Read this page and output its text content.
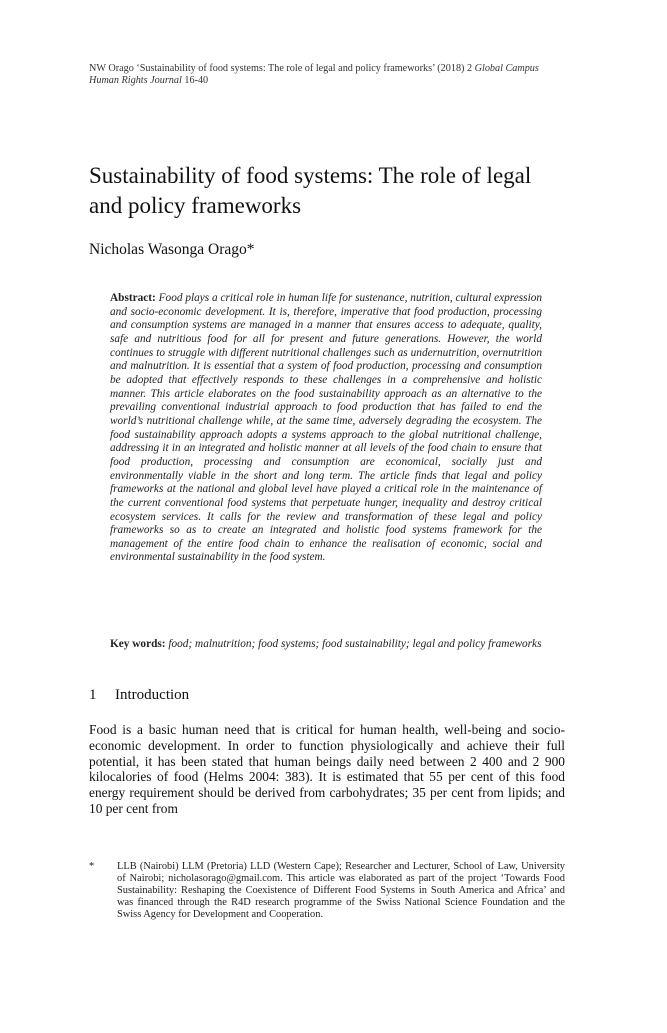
NW Orago ‘Sustainability of food systems: The role of legal and policy frameworks’ (2018) 2 Global Campus Human Rights Journal 16-40
Sustainability of food systems: The role of legal and policy frameworks

Nicholas Wasonga Orago*

Abstract: Food plays a critical role in human life for sustenance, nutrition, cultural expression and socio-economic development. It is, therefore, imperative that food production, processing and consumption systems are managed in a manner that ensures access to adequate, quality, safe and nutritious food for all for present and future generations. However, the world continues to struggle with different nutritional challenges such as undernutrition, overnutrition and malnutrition. It is essential that a system of food production, processing and consumption be adopted that effectively responds to these challenges in a comprehensive and holistic manner. This article elaborates on the food sustainability approach as an alternative to the prevailing conventional industrial approach to food production that has failed to end the world’s nutritional challenge while, at the same time, adversely degrading the ecosystem. The food sustainability approach adopts a systems approach to the global nutritional challenge, addressing it in an integrated and holistic manner at all levels of the food chain to ensure that food production, processing and consumption are economical, socially just and environmentally viable in the short and long term. The article finds that legal and policy frameworks at the national and global level have played a critical role in the maintenance of the current conventional food systems that perpetuate hunger, inequality and destroy critical ecosystem services. It calls for the review and transformation of these legal and policy frameworks so as to create an integrated and holistic food systems framework for the management of the entire food chain to enhance the realisation of economic, social and environmental sustainability in the food system.

Key words: food; malnutrition; food systems; food sustainability; legal and policy frameworks

1 Introduction

Food is a basic human need that is critical for human health, well-being and socio-economic development. In order to function physiologically and achieve their full potential, it has been stated that human beings daily need between 2 400 and 2 900 kilocalories of food (Helms 2004: 383). It is estimated that 55 per cent of this food energy requirement should be derived from carbohydrates; 35 per cent from lipids; and 10 per cent from

* LLB (Nairobi) LLM (Pretoria) LLD (Western Cape); Researcher and Lecturer, School of Law, University of Nairobi; nicholasorago@gmail.com. This article was elaborated as part of the project ‘Towards Food Sustainability: Reshaping the Coexistence of Different Food Systems in South America and Africa’ and was financed through the R4D research programme of the Swiss National Science Foundation and the Swiss Agency for Development and Cooperation.
